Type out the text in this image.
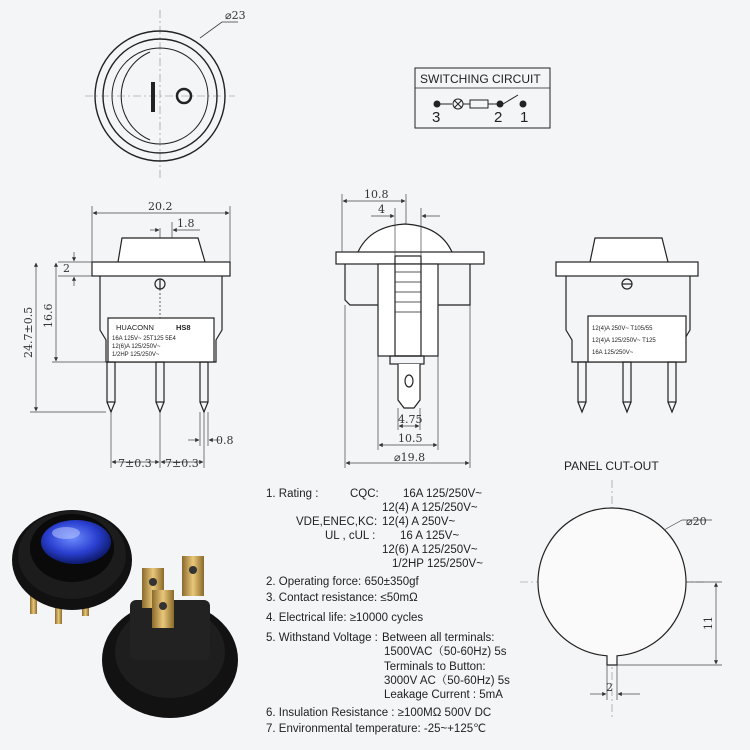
⌀23
SWITCHING CIRCUIT
3	2 1
20.2
1.8
2
16.6
24.7±0.5
0.8
7±0.3 7±0.3
HUACONN	HS8
16A 125V~ 25T125 5E4
12(6)A 125/250V~
1/2HP 125/250V~
10.8
4
4.75
10.5
⌀19.8
12(4)A 250V~ T105/55
12(4)A 125/250V~ T125
16A 125/250V~
PANEL CUT-OUT
⌀20
11
2
1. Rating :	CQC: 16A 125/250V~
12(4) A 125/250V~
VDE,ENEC,KC: 12(4) A 250V~
UL , cUL : 16 A 125V~
12(6) A 125/250V~
1/2HP 125/250V~
2. Operating force: 650±350gf
3. Contact resistance: ≤50mΩ
4. Electrical life: ≥10000 cycles
5. Withstand Voltage : Between all terminals:
1500VAC（50-60Hz) 5s
Terminals to Button:
3000V AC（50-60Hz) 5s
Leakage Current : 5mA
6. Insulation Resistance : ≥100MΩ 500V DC
7. Environmental temperature: -25~+125℃
